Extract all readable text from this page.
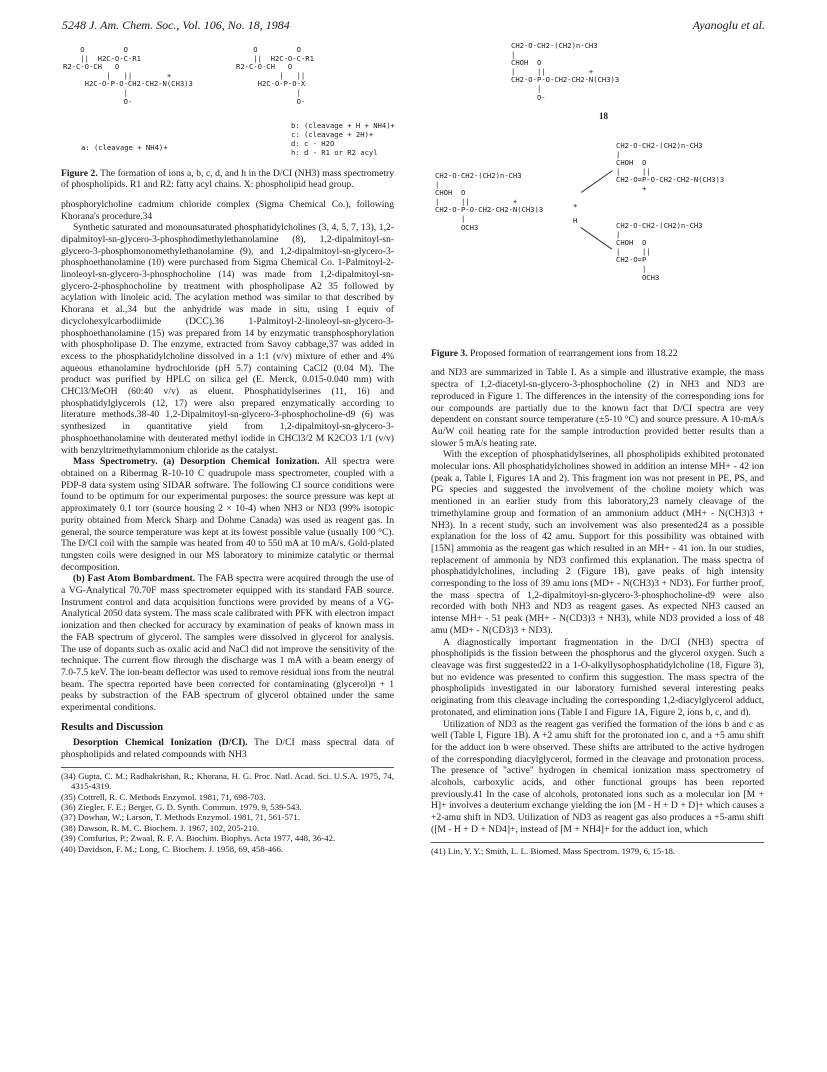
5248 J. Am. Chem. Soc., Vol. 106, No. 18, 1984	Ayanoglu et al.
O         O
||  H2C-O-C-R1
R2-C-O-CH   O
|   ||        +
H2C-O-P-O-CH2-CH2-N(CH3)3
|
O-
O         O
||  H2C-O-C-R1
R2-C-O-CH   O
|   ||
H2C-O-P-O-X
|
O-
a: (cleavage + NH4)+
b: (cleavage + H + NH4)+
c: (cleavage + 2H)+
d: c - H2O
h: d - R1 or R2 acyl
Figure 2. The formation of ions a, b, c, d, and h in the D/CI (NH3) mass spectrometry of phospholipids. R1 and R2: fatty acyl chains. X: phospholipid head group.

phosphorylcholine cadmium chloride complex (Sigma Chemical Co.), following Khorana's procedure.34

Synthetic saturated and monounsaturated phosphatidylcholines (3, 4, 5, 7, 13), 1,2-dipalmitoyl-sn-glycero-3-phosphodimethylethanolamine (8), 1,2-dipalmitoyl-sn-glycero-3-phosphomonomethylethanolamine (9), and 1,2-dipalmitoyl-sn-glycero-3-phosphoethanolamine (10) were purchased from Sigma Chemical Co. 1-Palmitoyl-2-linoleoyl-sn-glycero-3-phosphocholine (14) was made from 1,2-dipalmitoyl-sn-glycero-2-phosphocholine by treatment with phospholipase A2 35 followed by acylation with linoleic acid. The acylation method was similar to that described by Khorana et al.,34 but the anhydride was made in situ, using 1 equiv of dicyclohexylcarbodiimide (DCC).36 1-Palmitoyl-2-linoleoyl-sn-glycero-3-phosphoethanolamine (15) was prepared from 14 by enzymatic transphosphorylation with phospholipase D. The enzyme, extracted from Savoy cabbage,37 was added in excess to the phosphatidylcholine dissolved in a 1:1 (v/v) mixture of ether and 4% aqueous ethanolamine hydrochloride (pH 5.7) containing CaCl2 (0.04 M). The product was purified by HPLC on silica gel (E. Merck, 0.015-0.040 mm) with CHCl3/MeOH (60:40 v/v) as eluent. Phosphatidylserines (11, 16) and phosphatidylglycerols (12, 17) were also prepared enzymatically according to literature methods.38-40 1,2-Dipalmitoyl-sn-glycero-3-phosphocholine-d9 (6) was synthesized in quantitative yield from 1,2-dipalmitoyl-sn-glycero-3-phosphoethanolamine with deuterated methyl iodide in CHCl3/2 M K2CO3 1/1 (v/v) with benzyltrimethylammonium chloride as the catalyst.

Mass Spectrometry. (a) Desorption Chemical Ionization. All spectra were obtained on a Ribermag R-10-10 C quadrupole mass spectrometer, coupled with a PDP-8 data system using SIDAR software. The following CI source conditions were found to be optimum for our experimental purposes: the source pressure was kept at approximately 0.1 torr (source housing 2 × 10-4) when NH3 or ND3 (99% isotopic purity obtained from Merck Sharp and Dohme Canada) was used as reagent gas. In general, the source temperature was kept at its lowest possible value (usually 100 °C). The D/CI coil with the sample was heated from 40 to 550 mA at 10 mA/s. Gold-plated tungsten coils were designed in our MS laboratory to minimize catalytic or thermal decomposition.

(b) Fast Atom Bombardment. The FAB spectra were acquired through the use of a VG-Analytical 70.70F mass spectrometer equipped with its standard FAB source. Instrument control and data acquisition functions were provided by means of a VG-Analytical 2050 data system. The mass scale calibrated with PFK with electron impact ionization and then checked for accuracy by examination of peaks of known mass in the FAB spectrum of glycerol. The samples were dissolved in glycerol for analysis. The use of dopants such as oxalic acid and NaCl did not improve the sensitivity of the technique. The current flow through the discharge was 1 mA with a beam energy of 7.0-7.5 keV. The ion-beam deflector was used to remove residual ions from the neutral beam. The spectra reported have been corrected for contaminating (glycerol)n + 1 peaks by substraction of the FAB spectrum of glycerol obtained under the same experimental conditions.

Results and Discussion

Desorption Chemical Ionization (D/CI). The D/CI mass spectral data of phospholipids and related compounds with NH3

(34) Gupta, C. M.; Radhakrishan, R.; Khorana, H. G. Proc. Natl. Acad. Sci. U.S.A. 1975, 74, 4315-4319.
(35) Cottrell, R. C. Methods Enzymol. 1981, 71, 698-703.
(36) Ziegler, F. E.; Berger, G. D. Synth. Commun. 1979, 9, 539-543.
(37) Dowhan, W.; Larson, T. Methods Enzymol. 1981, 71, 561-571.
(38) Dawson, R. M. C. Biochem. J. 1967, 102, 205-210.
(39) Comfurius, P.; Zwaal, R. F. A. Biochim. Biophys. Acta 1977, 448, 36-42.
(40) Davidson, F. M.; Long, C. Biochem. J. 1958, 69, 458-466.
CH2-O-CH2-(CH2)n-CH3
|
CHOH  O
|     ||          +
CH2-O-P-O-CH2-CH2-N(CH3)3
|
O-
18
CH2-O-CH2-(CH2)n-CH3
|
CHOH  O
|     ||          +
CH2-O-P-O-CH2-CH2-N(CH3)3
|
OCH3
+
H
CH2-O-CH2-(CH2)n-CH3
|
CHOH  O
|     ||
CH2-O=P-O-CH2-CH2-N(CH3)3
+
CH2-O-CH2-(CH2)n-CH3
|
CHOH  O
|     ||
CH2-O=P
|
OCH3
Figure 3. Proposed formation of rearrangement ions from 18.22

and ND3 are summarized in Table I. As a simple and illustrative example, the mass spectra of 1,2-diacetyl-sn-glycero-3-phosphocholine (2) in NH3 and ND3 are reproduced in Figure 1. The differences in the intensity of the corresponding ions for our compounds are partially due to the known fact that D/CI spectra are very dependent on constant source temperature (±5-10 °C) and source pressure. A 10-mA/s Au/W coil heating rate for the sample introduction provided better results than a slower 5 mA/s heating rate.

With the exception of phosphatidylserines, all phospholipids exhibited protonated molecular ions. All phosphatidylcholines showed in addition an intense MH+ - 42 ion (peak a, Table I, Figures 1A and 2). This fragment ion was not present in PE, PS, and PG species and suggested the involvement of the choline moiety which was mentioned in an earlier study from this laboratory,23 namely cleavage of the trimethylamine group and formation of an ammonium adduct (MH+ - N(CH3)3 + NH3). In a recent study, such an involvement was also presented24 as a possible explanation for the loss of 42 amu. Support for this possibility was obtained with [15N] ammonia as the reagent gas which resulted in an MH+ - 41 ion. In our studies, replacement of ammonia by ND3 confirmed this explanation. The mass spectra of phosphatidylcholines, including 2 (Figure 1B), gave peaks of high intensity corresponding to the loss of 39 amu ions (MD+ - N(CH3)3 + ND3). For further proof, the mass spectra of 1,2-dipalmitoyl-sn-glycero-3-phosphocholine-d9 were also recorded with both NH3 and ND3 as reagent gases. As expected NH3 caused an intense MH+ - 51 peak (MH+ - N(CD3)3 + NH3), while ND3 provided a loss of 48 amu (MD+ - N(CD3)3 + ND3).

A diagnostically important fragmentation in the D/CI (NH3) spectra of phospholipids is the fission between the phosphorus and the glycerol oxygen. Such a cleavage was first suggested22 in a 1-O-alkyllysophosphatidylcholine (18, Figure 3), but no evidence was presented to confirm this suggestion. The mass spectra of the phospholipids investigated in our laboratory furnished several interesting peaks originating from this cleavage including the corresponding 1,2-diacylglycerol adduct, protonated, and elimination ions (Table I and Figure 1A, Figure 2, ions b, c, and d).

Utilization of ND3 as the reagent gas verified the formation of the ions b and c as well (Table I, Figure 1B). A +2 amu shift for the protonated ion c, and a +5 amu shift for the adduct ion b were observed. These shifts are attributed to the active hydrogen of the corresponding diacylglycerol, formed in the cleavage and protonation process. The presence of "active" hydrogen in chemical ionization mass spectrometry of alcohols, carboxylic acids, and other functional groups has been reported previously.41 In the case of alcohols, protonated ions such as a molecular ion [M + H]+ involves a deuterium exchange yielding the ion [M - H + D + D]+ which causes a +2-amu shift in ND3. Utilization of ND3 as reagent gas also produces a +5-amu shift ([M - H + D + ND4]+, instead of [M + NH4]+ for the adduct ion, which

(41) Lin, Y. Y.; Smith, L. L. Biomed. Mass Spectrom. 1979, 6, 15-18.
